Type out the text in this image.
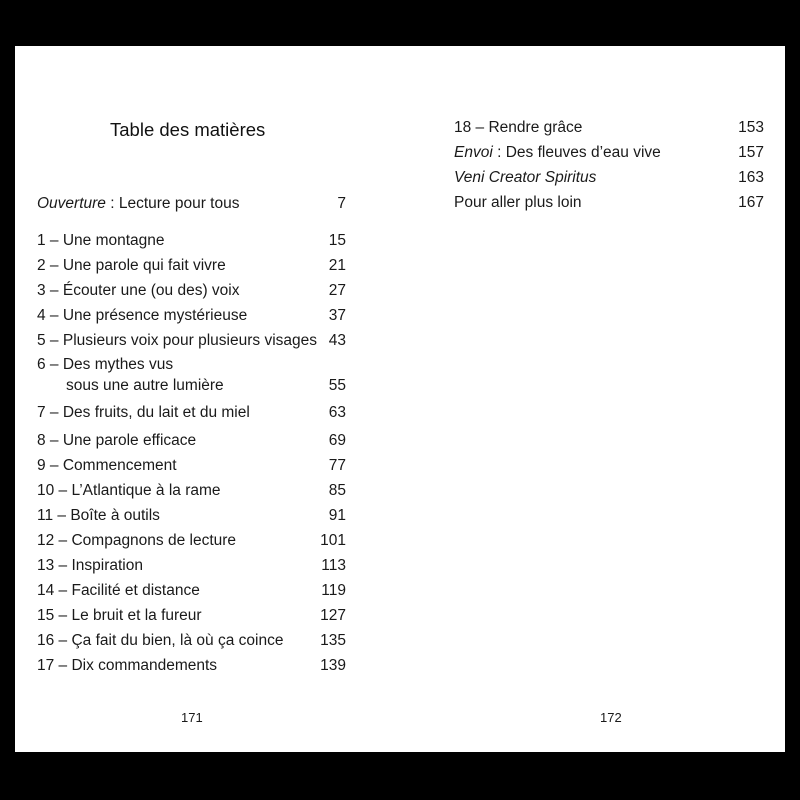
Table des matières
Ouverture : Lecture pour tous	7
1 – Une montagne	15
2 – Une parole qui fait vivre	21
3 – Écouter une (ou des) voix	27
4 – Une présence mystérieuse	37
5 – Plusieurs voix pour plusieurs visages 43
6 – Des mythes vus
sous une autre lumière	55
7 – Des fruits, du lait et du miel	63
8 – Une parole efficace	69
9 – Commencement	77
10 – L’Atlantique à la rame	85
11 – Boîte à outils	91
12 – Compagnons de lecture	101
13 – Inspiration	113
14 – Facilité et distance	119
15 – Le bruit et la fureur	127
16 – Ça fait du bien, là où ça coince 135
17 – Dix commandements	139
171
18 – Rendre grâce	153
Envoi : Des fleuves d’eau vive	157
Veni Creator Spiritus	163
Pour aller plus loin	167
172
